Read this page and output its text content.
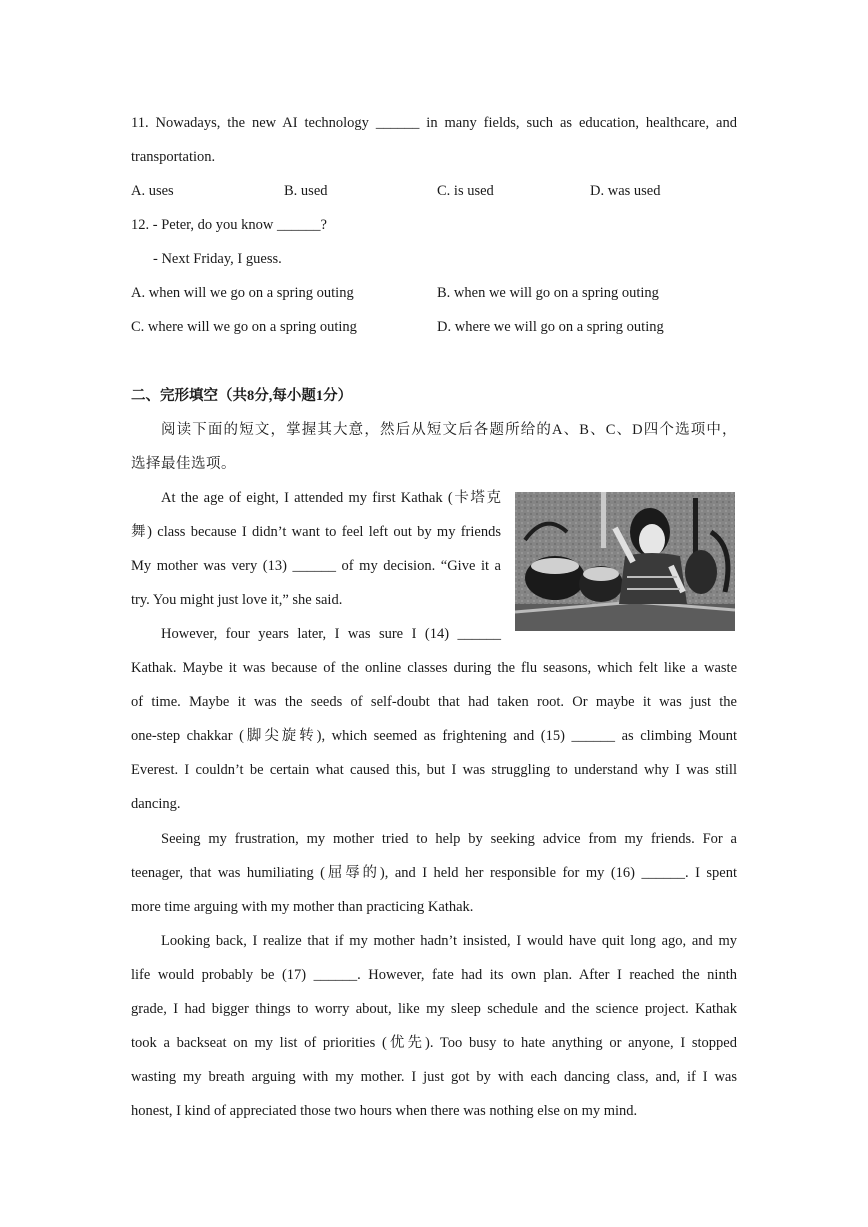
11. Nowadays, the new AI technology ______ in many fields, such as education, healthcare, and
transportation.
A. uses	B. used	C. is used	D. was used
12. - Peter, do you know ______?
- Next Friday, I guess.
A. when will we go on a spring outing	B. when we will go on a spring outing
C. where will we go on a spring outing	D. where we will go on a spring outing
二、完形填空（共8分,每小题1分）
阅读下面的短文，掌握其大意，然后从短文后各题所给的A、B、C、D四个选项中，
选择最佳选项。
At the age of eight, I attended my first Kathak (卡塔克
舞) class because I didn’t want to feel left out by my friends
My mother was very (13) ______ of my decision. “Give it a
try. You might just love it,” she said.
However, four years later, I was sure I (14) ______
Kathak. Maybe it was because of the online classes during the flu seasons, which felt like a waste
of time. Maybe it was the seeds of self-doubt that had taken root. Or maybe it was just the
one-step chakkar (脚尖旋转), which seemed as frightening and (15) ______ as climbing Mount
Everest. I couldn’t be certain what caused this, but I was struggling to understand why I was still
dancing.
Seeing my frustration, my mother tried to help by seeking advice from my friends. For a
teenager, that was humiliating (屈辱的), and I held her responsible for my (16) ______. I spent
more time arguing with my mother than practicing Kathak.
Looking back, I realize that if my mother hadn’t insisted, I would have quit long ago, and my
life would probably be (17) ______. However, fate had its own plan. After I reached the ninth
grade, I had bigger things to worry about, like my sleep schedule and the science project. Kathak
took a backseat on my list of priorities (优先). Too busy to hate anything or anyone, I stopped
wasting my breath arguing with my mother. I just got by with each dancing class, and, if I was
honest, I kind of appreciated those two hours when there was nothing else on my mind.
